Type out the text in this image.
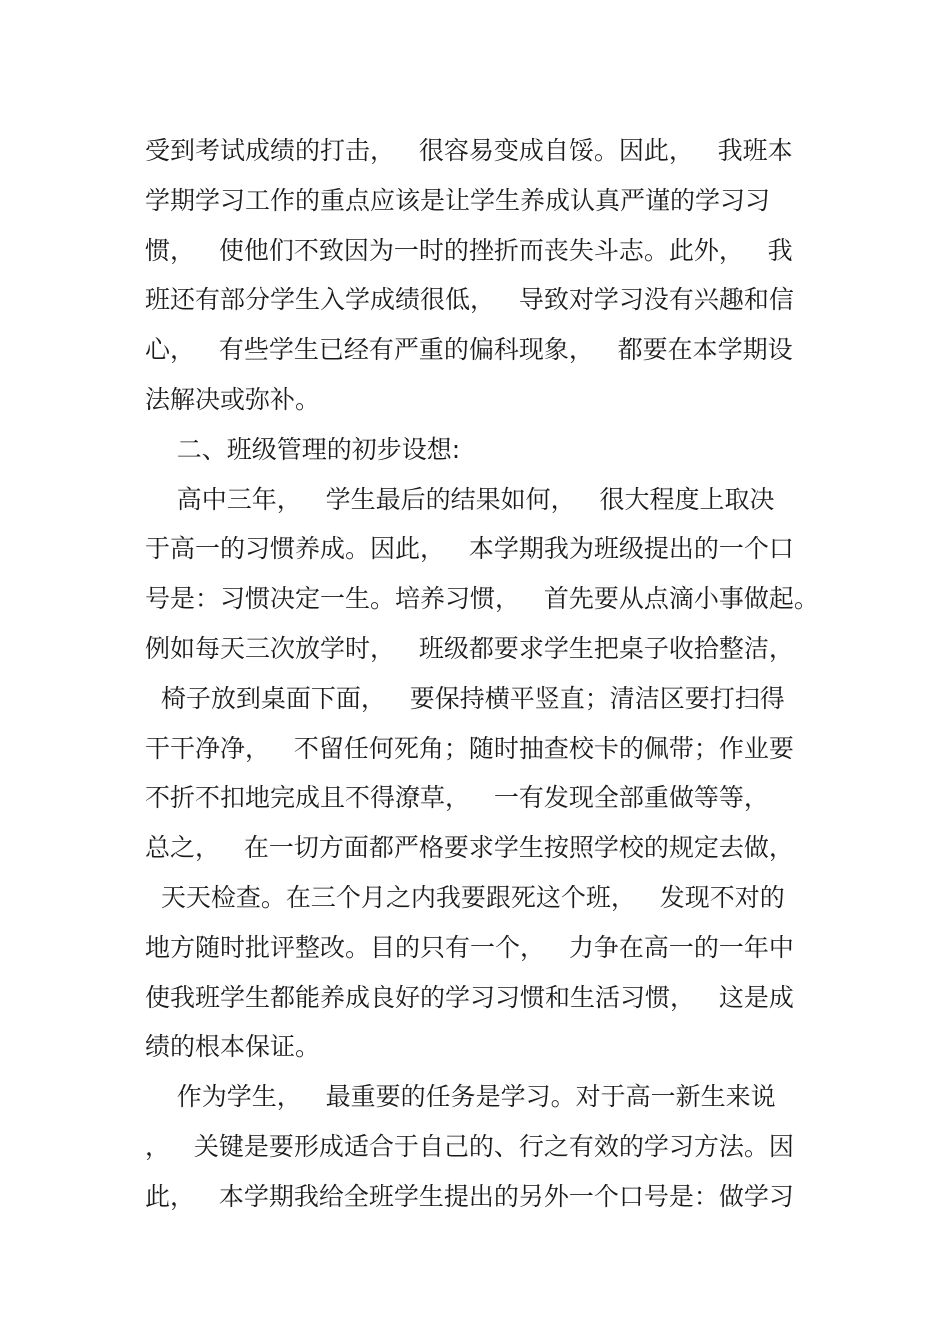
受到考试成绩的打击，   很容易变成自馁。因此，   我班本
学期学习工作的重点应该是让学生养成认真严谨的学习习
惯，   使他们不致因为一时的挫折而丧失斗志。此外，   我
班还有部分学生入学成绩很低，   导致对学习没有兴趣和信
心，   有些学生已经有严重的偏科现象，   都要在本学期设
法解决或弥补。
二、班级管理的初步设想:
高中三年，   学生最后的结果如何，   很大程度上取决
于高一的习惯养成。因此，   本学期我为班级提出的一个口
号是：习惯决定一生。培养习惯，   首先要从点滴小事做起。
例如每天三次放学时，   班级都要求学生把桌子收拾整洁，
椅子放到桌面下面，   要保持横平竖直；清洁区要打扫得
干干净净，   不留任何死角；随时抽查校卡的佩带；作业要
不折不扣地完成且不得潦草，   一有发现全部重做等等，
总之，   在一切方面都严格要求学生按照学校的规定去做，
天天检查。在三个月之内我要跟死这个班，   发现不对的
地方随时批评整改。目的只有一个，   力争在高一的一年中
使我班学生都能养成良好的学习习惯和生活习惯，   这是成
绩的根本保证。
作为学生，   最重要的任务是学习。对于高一新生来说
，   关键是要形成适合于自己的、行之有效的学习方法。因
此，   本学期我给全班学生提出的另外一个口号是：做学习
